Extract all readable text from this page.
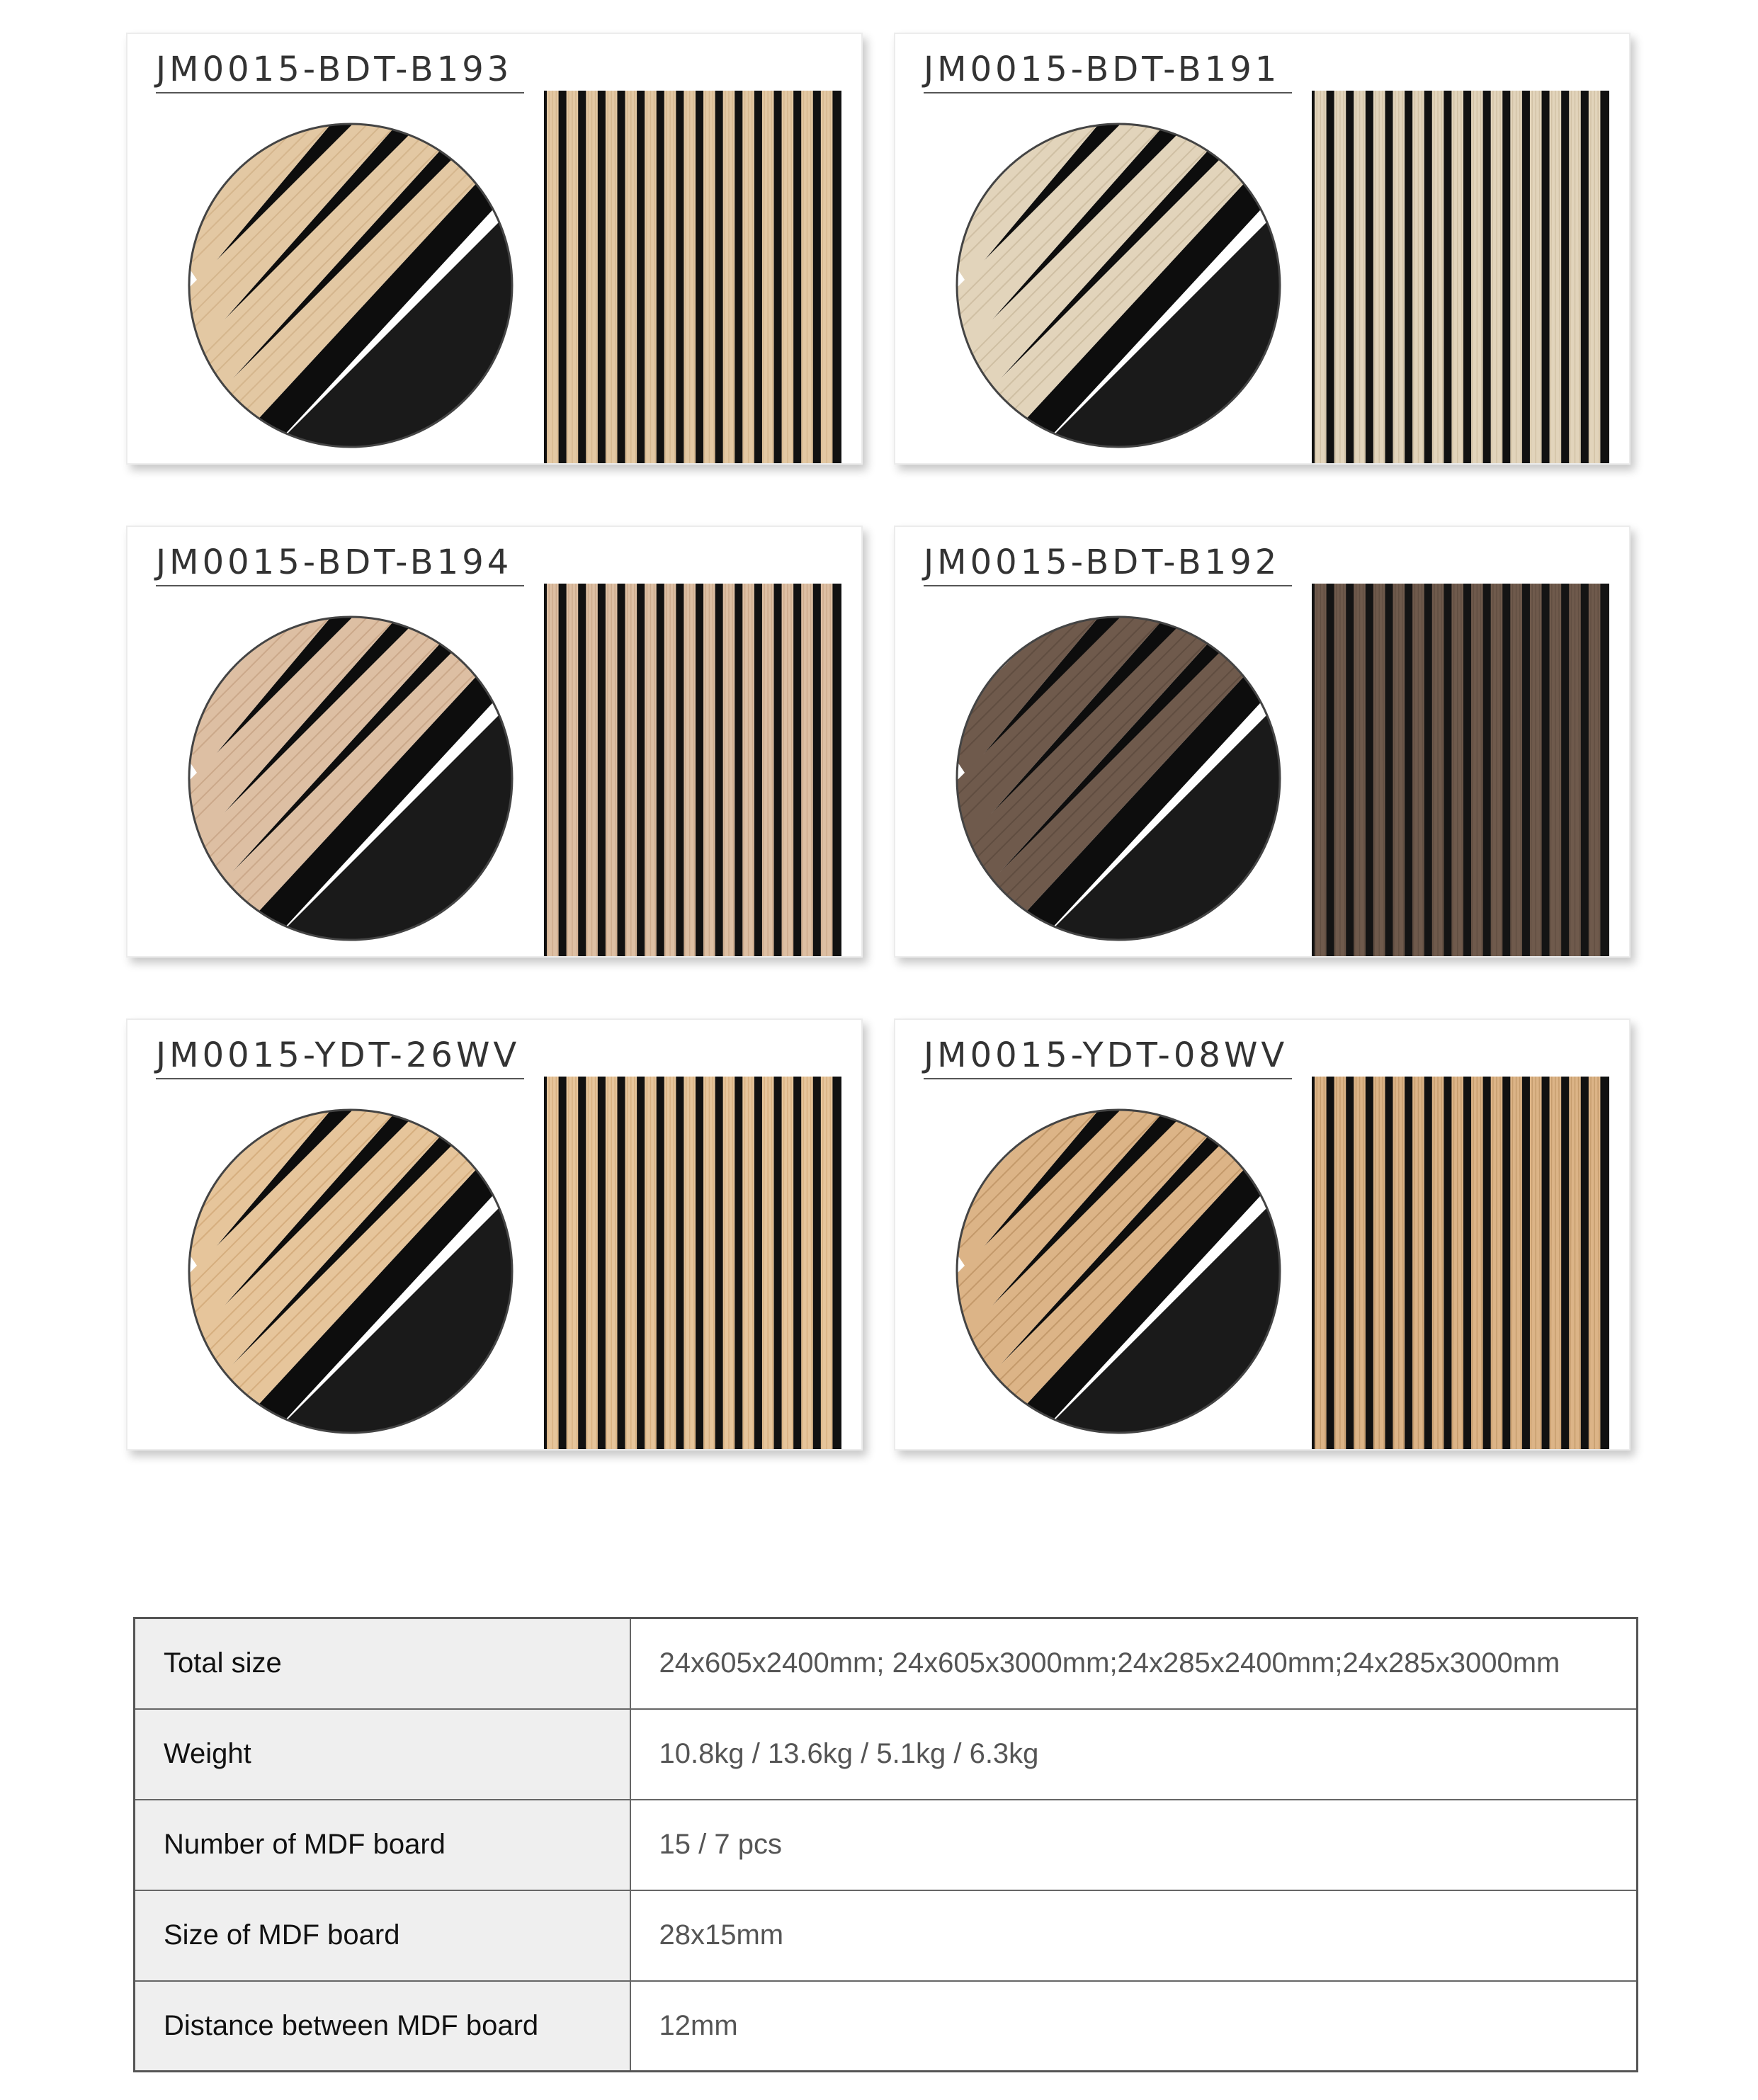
JM0015-BDT-B193	JM0015-BDT-B191
JM0015-BDT-B194	JM0015-BDT-B192
JM0015-YDT-26WV	JM0015-YDT-08WV
Total size	24x605x2400mm; 24x605x3000mm;24x285x2400mm;24x285x3000mm
Weight	10.8kg / 13.6kg / 5.1kg / 6.3kg
Number of MDF board	15 / 7 pcs
Size of MDF board	28x15mm
Distance between MDF board	12mm
